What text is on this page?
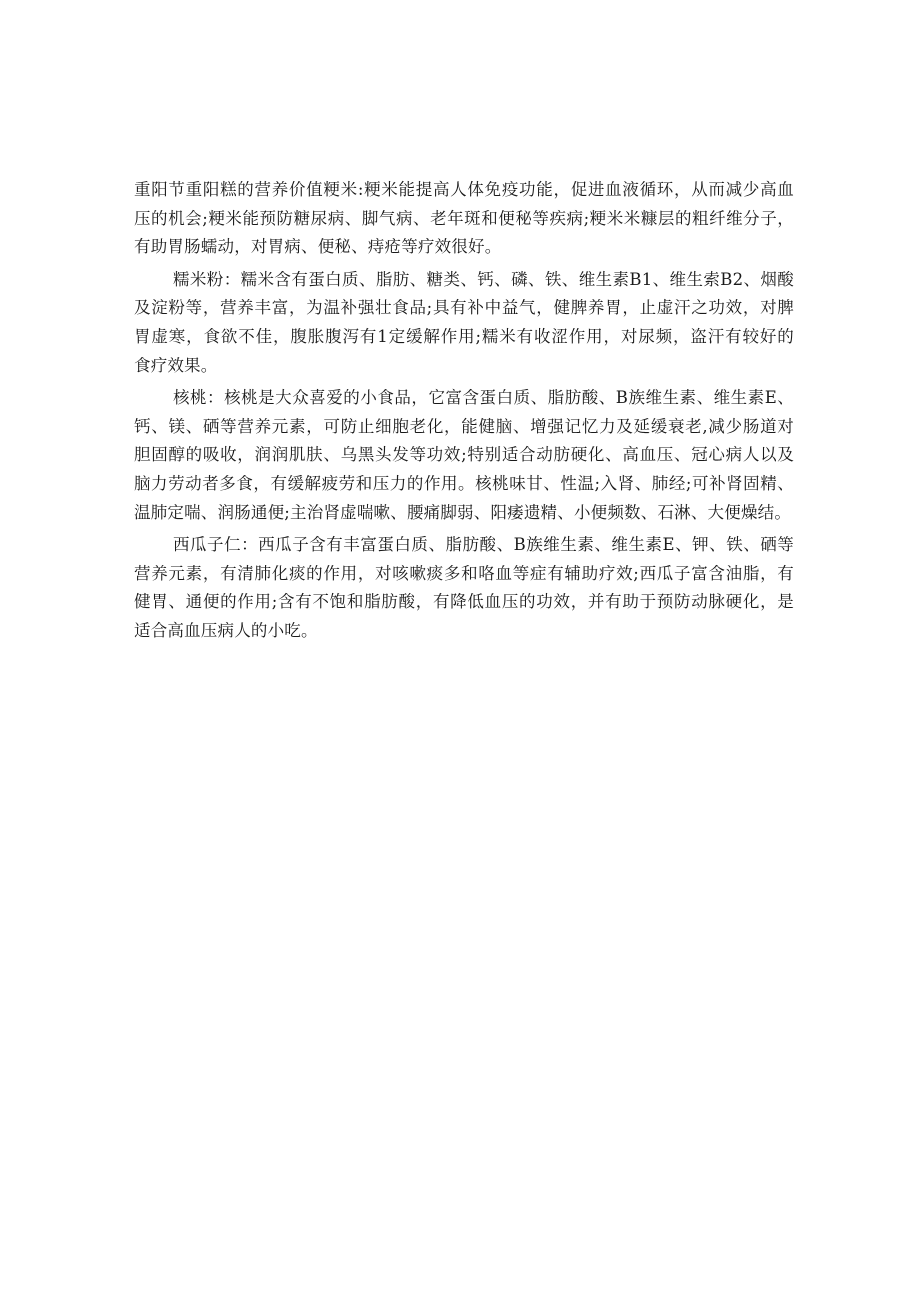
重阳节重阳糕的营养价值粳米:粳米能提高人体免疫功能，促进血液循环，从而减少高血
压的机会;粳米能预防糖尿病、脚气病、老年斑和便秘等疾病;粳米米糠层的粗纤维分子，
有助胃肠蠕动，对胃病、便秘、痔疮等疗效很好。
糯米粉：糯米含有蛋白质、脂肪、糖类、钙、磷、铁、维生素B1、维生索B2、烟酸
及淀粉等，营养丰富，为温补强壮食品;具有补中益气，健脾养胃，止虚汗之功效，对脾
胃虚寒，食欲不佳，腹胀腹泻有1定缓解作用;糯米有收涩作用，对尿频，盗汗有较好的
食疗效果。
核桃：核桃是大众喜爱的小食品，它富含蛋白质、脂肪酸、B族维生素、维生素E、
钙、镁、硒等营养元素，可防止细胞老化，能健脑、增强记忆力及延缓衰老,减少肠道对
胆固醇的吸收，润润肌肤、乌黑头发等功效;特别适合动肪硬化、高血压、冠心病人以及
脑力劳动者多食，有缓解疲劳和压力的作用。核桃味甘、性温;入肾、肺经;可补肾固精、
温肺定喘、润肠通便;主治肾虚喘嗽、腰痛脚弱、阳痿遗精、小便频数、石淋、大便燥结。
西瓜子仁：西瓜子含有丰富蛋白质、脂肪酸、B族维生素、维生素E、钾、铁、硒等
营养元素，有清肺化痰的作用，对咳嗽痰多和咯血等症有辅助疗效;西瓜子富含油脂，有
健胃、通便的作用;含有不饱和脂肪酸，有降低血压的功效，并有助于预防动脉硬化，是
适合高血压病人的小吃。
